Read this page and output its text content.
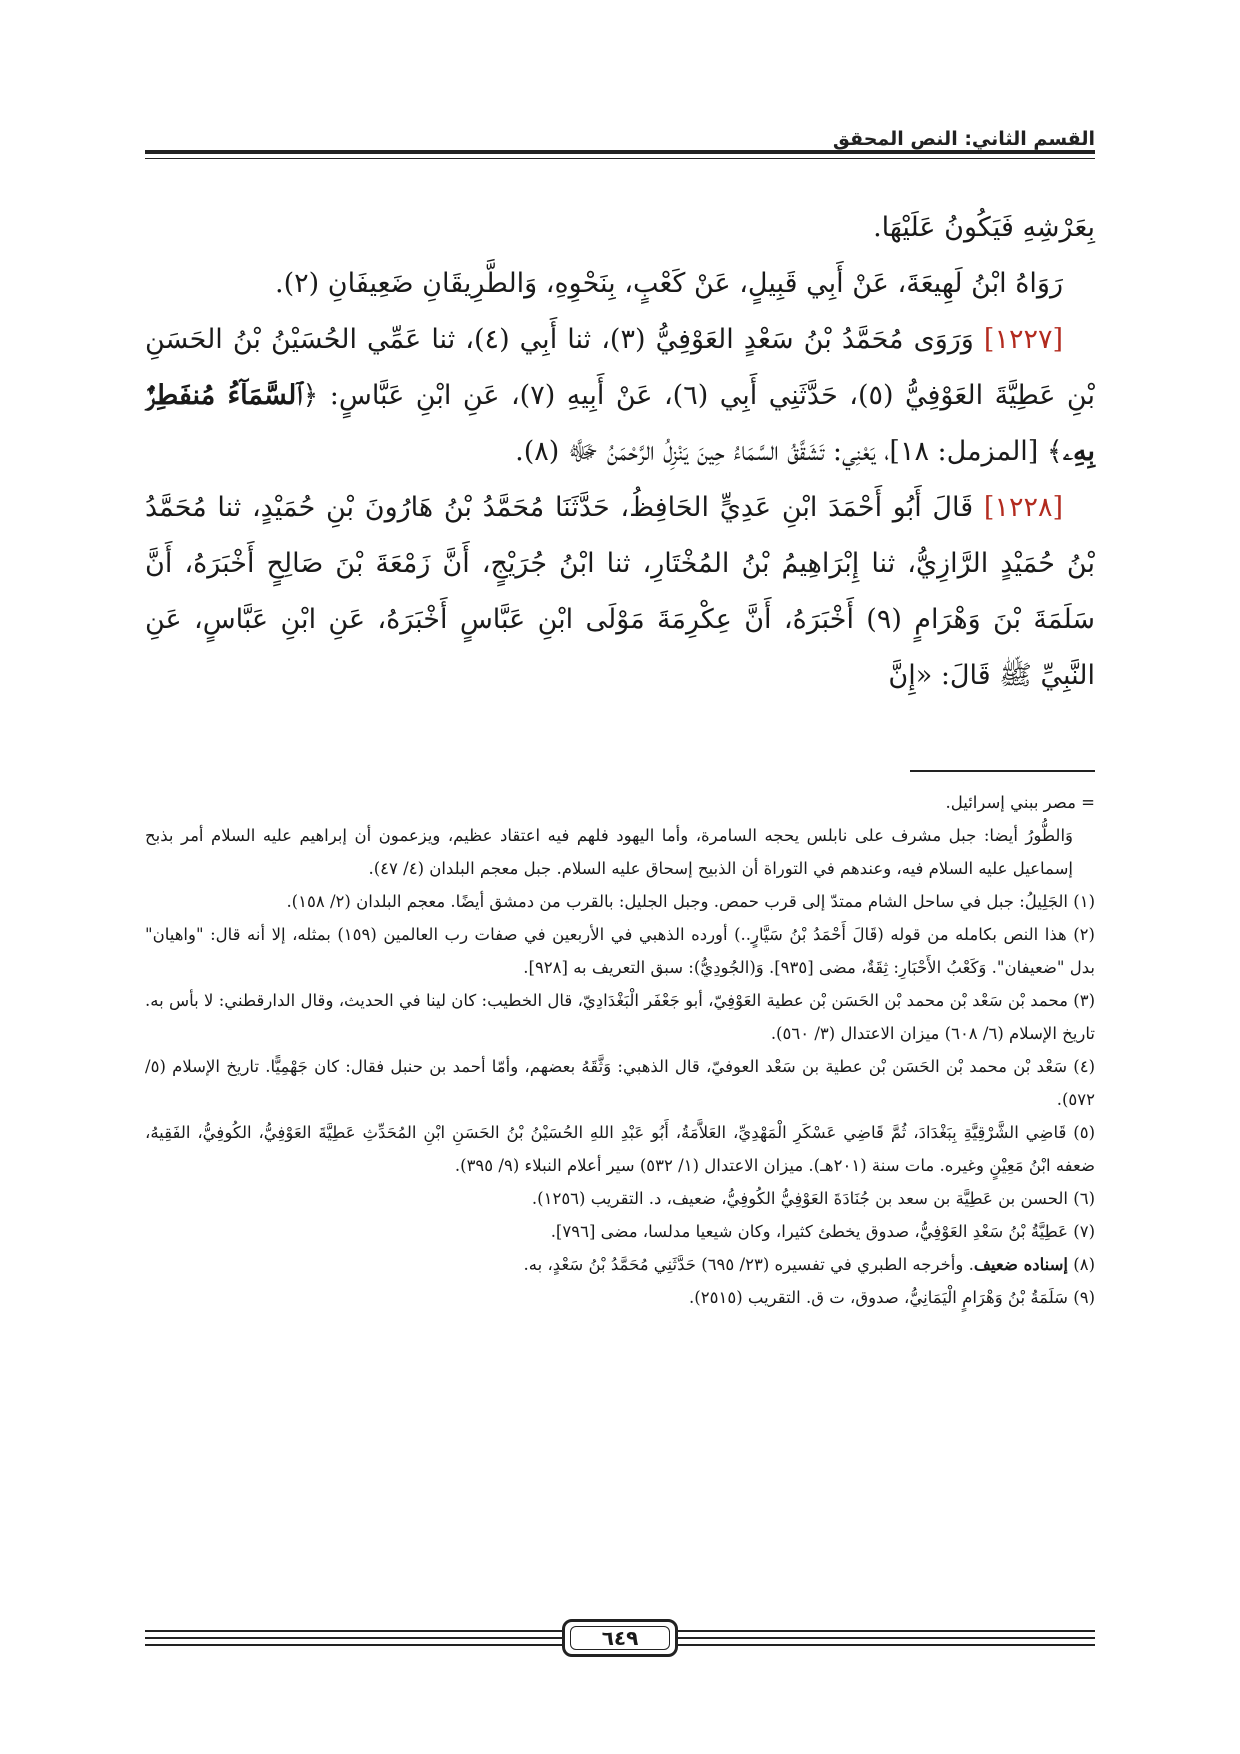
القسم الثاني: النص المحقق

بِعَرْشِهِ فَيَكُونُ عَلَيْهَا.

رَوَاهُ ابْنُ لَهِيعَةَ، عَنْ أَبِي قَبِيلٍ، عَنْ كَعْبٍ، بِنَحْوِهِ، وَالطَّرِيقَانِ ضَعِيفَانِ (٢).

[١٢٢٧] وَرَوَى مُحَمَّدُ بْنُ سَعْدٍ العَوْفِيُّ (٣)، ثنا أَبِي (٤)، ثنا عَمِّي الحُسَيْنُ بْنُ الحَسَنِ بْنِ عَطِيَّةَ العَوْفِيُّ (٥)، حَدَّثَنِي أَبِي (٦)، عَنْ أَبِيهِ (٧)، عَنِ ابْنِ عَبَّاسٍ: ﴿ٱلسَّمَآءُ مُنفَطِرٌۢ بِهِۦ﴾ [المزمل: ١٨]، يَعْنِي: تَشَقَّقُ السَّمَاءُ حِينَ يَنْزِلُ الرَّحْمَنُ ﷻ (٨).

[١٢٢٨] قَالَ أَبُو أَحْمَدَ ابْنِ عَدِيٍّ الحَافِظُ، حَدَّثَنَا مُحَمَّدُ بْنُ هَارُونَ بْنِ حُمَيْدٍ، ثنا مُحَمَّدُ بْنُ حُمَيْدٍ الرَّازِيُّ، ثنا إِبْرَاهِيمُ بْنُ المُخْتَارِ، ثنا ابْنُ جُرَيْجٍ، أَنَّ زَمْعَةَ بْنَ صَالِحٍ أَخْبَرَهُ، أَنَّ سَلَمَةَ بْنَ وَهْرَامٍ (٩) أَخْبَرَهُ، أَنَّ عِكْرِمَةَ مَوْلَى ابْنِ عَبَّاسٍ أَخْبَرَهُ، عَنِ ابْنِ عَبَّاسٍ، عَنِ النَّبِيِّ ﷺ قَالَ: «إِنَّ

= مصر ببني إسرائيل.

وَالطُّورُ أيضا: جبل مشرف على نابلس يحجه السامرة، وأما اليهود فلهم فيه اعتقاد عظيم، ويزعمون أن إبراهيم عليه السلام أمر بذبح إسماعيل عليه السلام فيه، وعندهم في التوراة أن الذبيح إسحاق عليه السلام. جبل معجم البلدان (٤/ ٤٧).

(١) الجَلِيلُ: جبل في ساحل الشام ممتدّ إلى قرب حمص. وجبل الجليل: بالقرب من دمشق أيضًا. معجم البلدان (٢/ ١٥٨).

(٢) هذا النص بكامله من قوله (قَالَ أَحْمَدُ بْنُ سَيَّارٍ..) أورده الذهبي في الأربعين في صفات رب العالمين (١٥٩) بمثله، إلا أنه قال: "واهيان" بدل "ضعيفان". وَكَعْبُ الأَحْبَارِ: ثِقَةٌ، مضى [٩٣٥]. وَ(الجُودِيُّ): سبق التعريف به [٩٢٨].

(٣) محمد بْن سَعْد بْن محمد بْن الحَسَن بْن عطية العَوْفِيّ، أبو جَعْفَر الْبَغْدَادِيّ، قال الخطيب: كان لينا في الحديث، وقال الدارقطني: لا بأس به. تاريخ الإسلام (٦/ ٦٠٨) ميزان الاعتدال (٣/ ٥٦٠).

(٤) سَعْد بْن محمد بْن الحَسَن بْن عطية بن سَعْد العوفيّ، قال الذهبي: وَثَّقَهُ بعضهم، وأمّا أحمد بن حنبل فقال: كان جَهْمِيًّا. تاريخ الإسلام (٥/ ٥٧٢).

(٥) قَاضِي الشَّرْقِيَّةِ بِبَغْدَادَ، ثُمَّ قَاضِي عَسْكَرِ الْمَهْدِيِّ، العَلاَّمَةُ، أَبُو عَبْدِ اللهِ الحُسَيْنُ بْنُ الحَسَنِ ابْنِ المُحَدِّثِ عَطِيَّةَ العَوْفِيُّ، الكُوفِيُّ، الفَقِيهُ، ضعفه ابْنُ مَعِيْنٍ وغيره. مات سنة (٢٠١هـ). ميزان الاعتدال (١/ ٥٣٢) سير أعلام النبلاء (٩/ ٣٩٥).

(٦) الحسن بن عَطِيَّة بن سعد بن جُنَادَةَ العَوْفِيُّ الكُوفِيُّ، ضعيف، د. التقريب (١٢٥٦).

(٧) عَطِيَّةُ بْنُ سَعْدِ العَوْفِيُّ، صدوق يخطئ كثيرا، وكان شيعيا مدلسا، مضى [٧٩٦].

(٨) إسناده ضعيف. وأخرجه الطبري في تفسيره (٢٣/ ٦٩٥) حَدَّثَنِي مُحَمَّدُ بْنُ سَعْدٍ، به.

(٩) سَلَمَةُ بْنُ وَهْرَامٍ الْيَمَانِيُّ، صدوق، ت ق. التقريب (٢٥١٥).

٦٤٩
